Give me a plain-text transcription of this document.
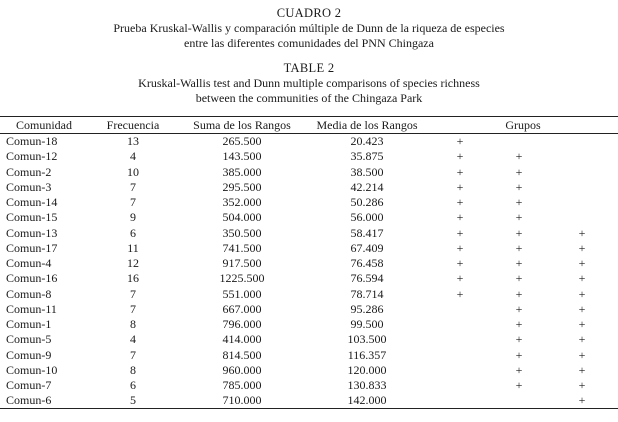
CUADRO 2
Prueba Kruskal-Wallis y comparación múltiple de Dunn de la riqueza de especies
entre las diferentes comunidades del PNN Chingaza
TABLE 2
Kruskal-Wallis test and Dunn multiple comparisons of species richness
between the communities of the Chingaza Park
Comunidad	Frecuencia	Suma de los Rangos	Media de los Rangos	Grupos		
Comun-18	13	265.500	20.423	+		
Comun-12	4	143.500	35.875	+	+	
Comun-2	10	385.000	38.500	+	+	
Comun-3	7	295.500	42.214	+	+	
Comun-14	7	352.000	50.286	+	+	
Comun-15	9	504.000	56.000	+	+	
Comun-13	6	350.500	58.417	+	+	+
Comun-17	11	741.500	67.409	+	+	+
Comun-4	12	917.500	76.458	+	+	+
Comun-16	16	1225.500	76.594	+	+	+
Comun-8	7	551.000	78.714	+	+	+
Comun-11	7	667.000	95.286		+	+
Comun-1	8	796.000	99.500		+	+
Comun-5	4	414.000	103.500		+	+
Comun-9	7	814.500	116.357		+	+
Comun-10	8	960.000	120.000		+	+
Comun-7	6	785.000	130.833		+	+
Comun-6	5	710.000	142.000			+
